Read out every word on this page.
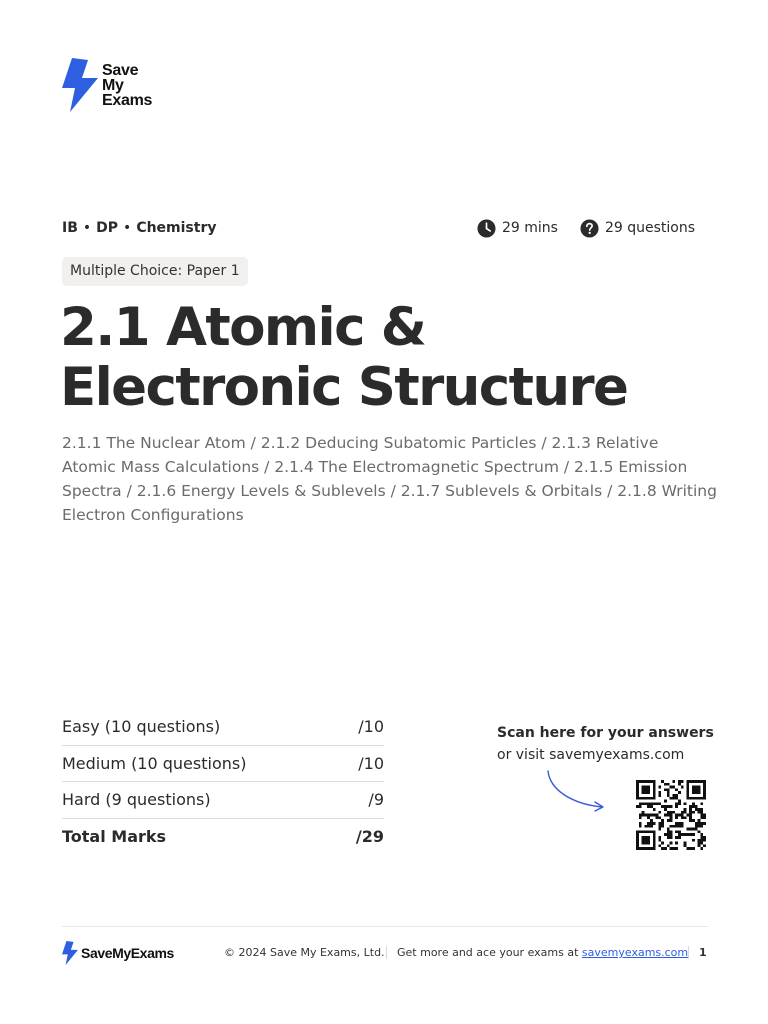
Save
My
Exams
IB • DP • Chemistry	29 mins	29 questions
Multiple Choice: Paper 1
2.1 Atomic &
Electronic Structure

2.1.1 The Nuclear Atom / 2.1.2 Deducing Subatomic Particles / 2.1.3 Relative Atomic Mass Calculations / 2.1.4 The Electromagnetic Spectrum / 2.1.5 Emission Spectra / 2.1.6 Energy Levels & Sublevels / 2.1.7 Sublevels & Orbitals / 2.1.8 Writing Electron Configurations

Easy (10 questions)	/10
Medium (10 questions)	/10
Hard (9 questions)	/9
Total Marks	/29
Scan here for your answers
or visit savemyexams.com
SaveMyExams	© 2024 Save My Exams, Ltd. Get more and ace your exams at savemyexams.com 1
